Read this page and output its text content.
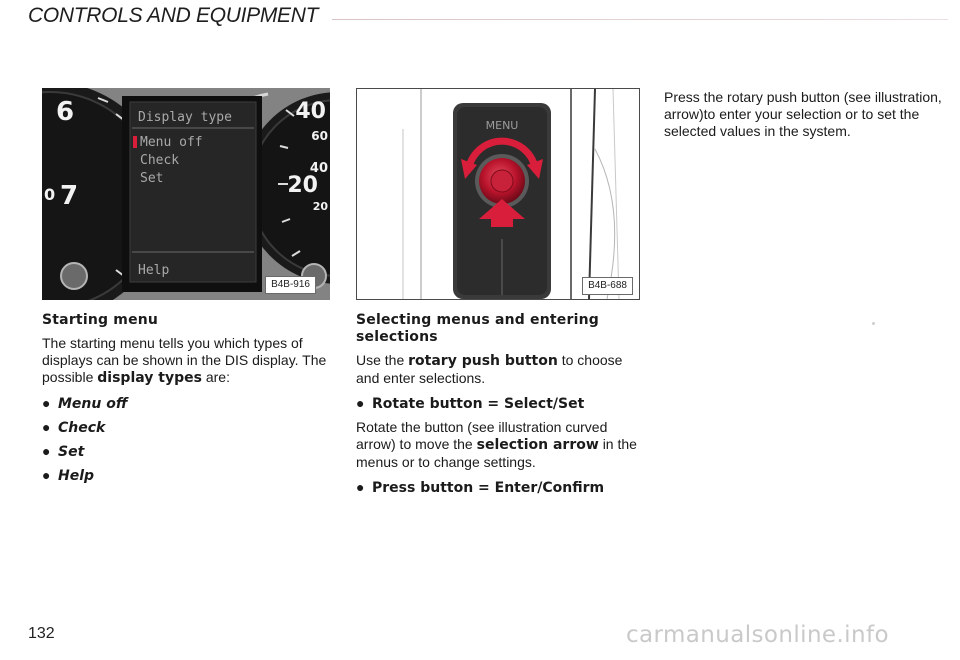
CONTROLS AND EQUIPMENT
6
7
0
40
60
40
20
20
Display type
Menu off
Check
Set
Help
B4B-916
MENU
B4B-688

Starting menu

The starting menu tells you which types of displays can be shown in the DIS display. The possible display types are:

● Menu off

● Check

● Set

● Help

Selecting menus and entering selections

Use the rotary push button to choose and enter selections.

● Rotate button = Select/Set

Rotate the button (see illustration curved arrow) to move the selection arrow in the menus or to change settings.

● Press button = Enter/Confirm

Press the rotary push button (see illustration, arrow)to enter your selection or to set the selected values in the system.

132	carmanualsonline.info
